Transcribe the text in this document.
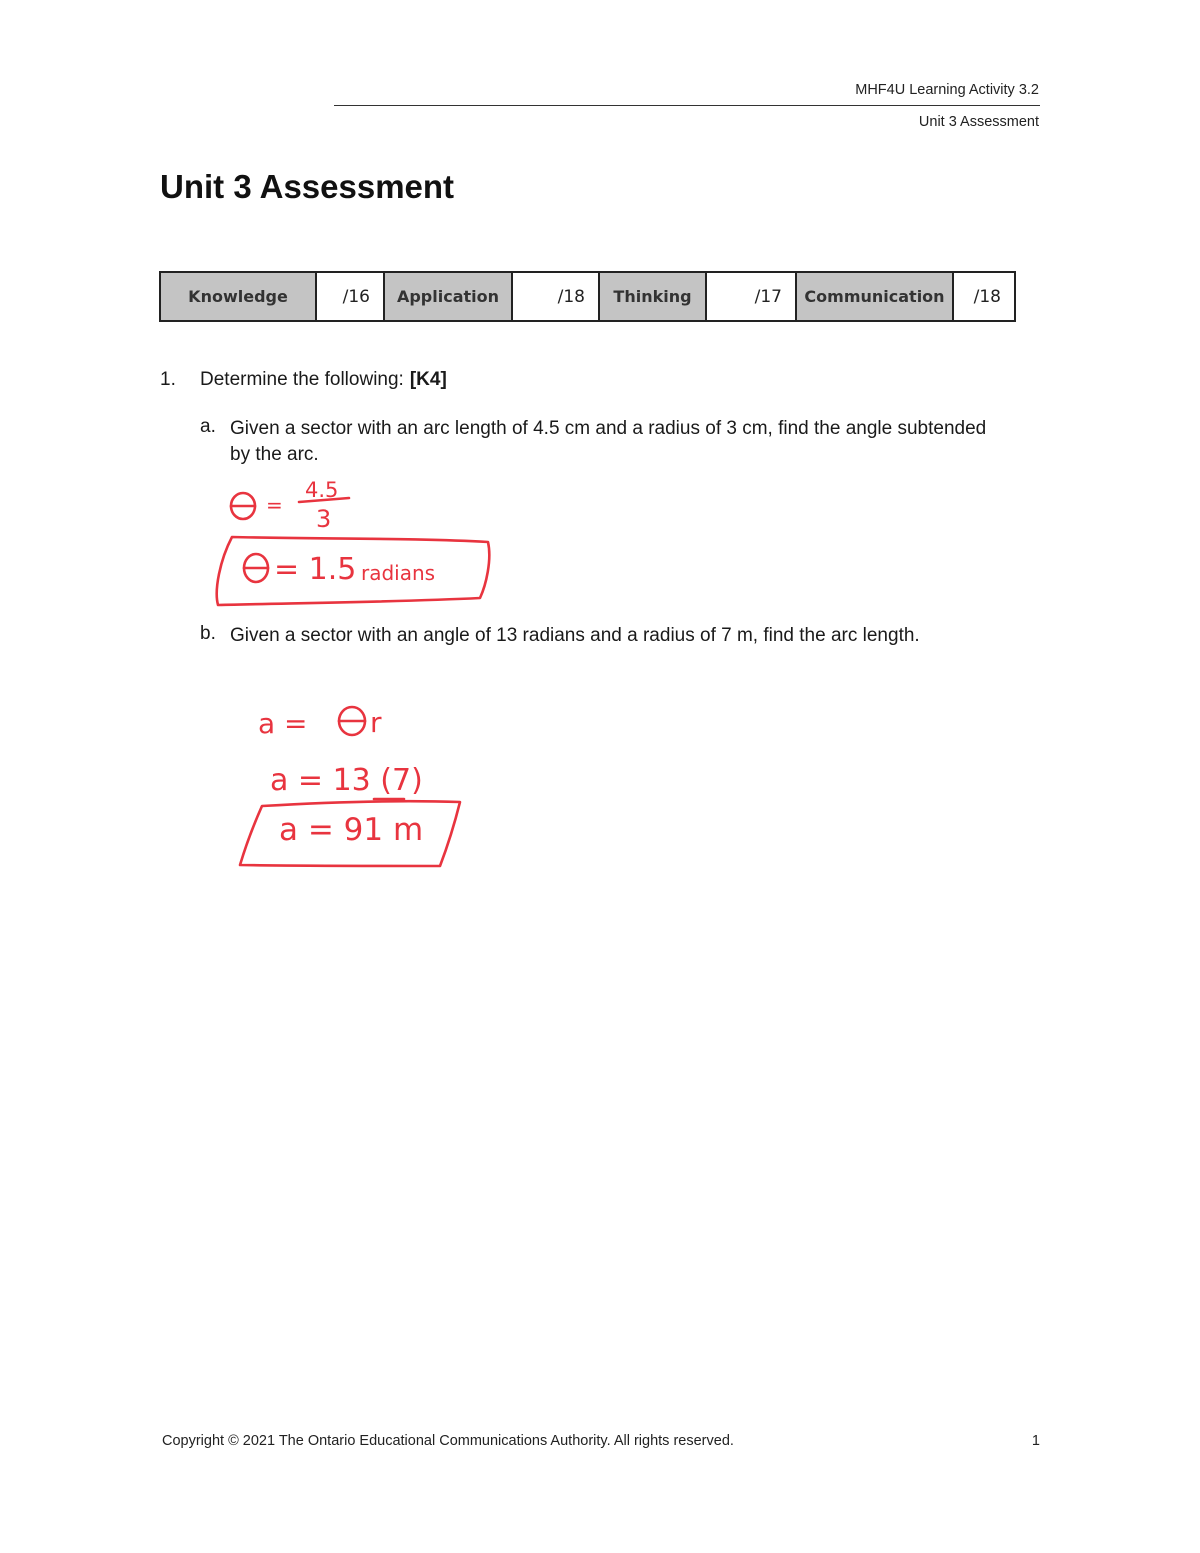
MHF4U Learning Activity 3.2
Unit 3 Assessment
Unit 3 Assessment
Knowledge	/16	Application	/18	Thinking	/17	Communication	/18
1. Determine the following: [K4]
a. Given a sector with an arc length of 4.5 cm and a radius of 3 cm, find the angle subtended by the arc.
b. Given a sector with an angle of 13 radians and a radius of 7 m, find the arc length.
=
4.5
3
= 1.5 radians
a = r
a = 13 (7)
a = 91 m
Copyright © 2021 The Ontario Educational Communications Authority. All rights reserved.	1
